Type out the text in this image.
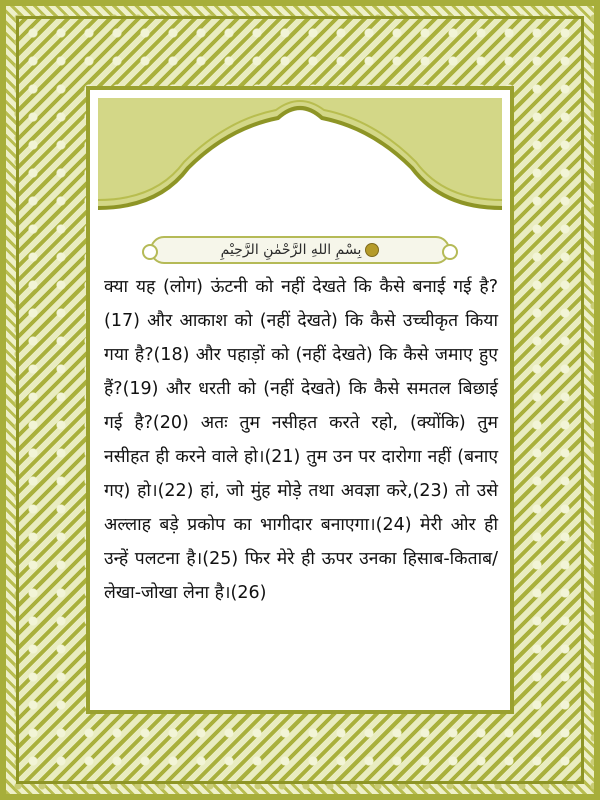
بِسْمِ اللهِ الرَّحْمٰنِ الرَّحِيْمِ

क्या यह (लोग) ऊंटनी को नहीं देखते कि कैसे बनाई गई है?(17) और आकाश को (नहीं देखते) कि कैसे उच्चीकृत किया गया है?(18) और पहाड़ों को (नहीं देखते) कि कैसे जमाए हुए हैं?(19) और धरती को (नहीं देखते) कि कैसे समतल बिछाई गई है?(20) अतः तुम नसीहत करते रहो, (क्योंकि) तुम नसीहत ही करने वाले हो।(21) तुम उन पर दारोगा नहीं (बनाए गए) हो।(22) हां, जो मुंह मोड़े तथा अवज्ञा करे,(23) तो उसे अल्लाह बड़े प्रकोप का भागीदार बनाएगा।(24) मेरी ओर ही उन्हें पलटना है।(25) फिर मेरे ही ऊपर उनका हिसाब-किताब/लेखा-जोखा लेना है।(26)
